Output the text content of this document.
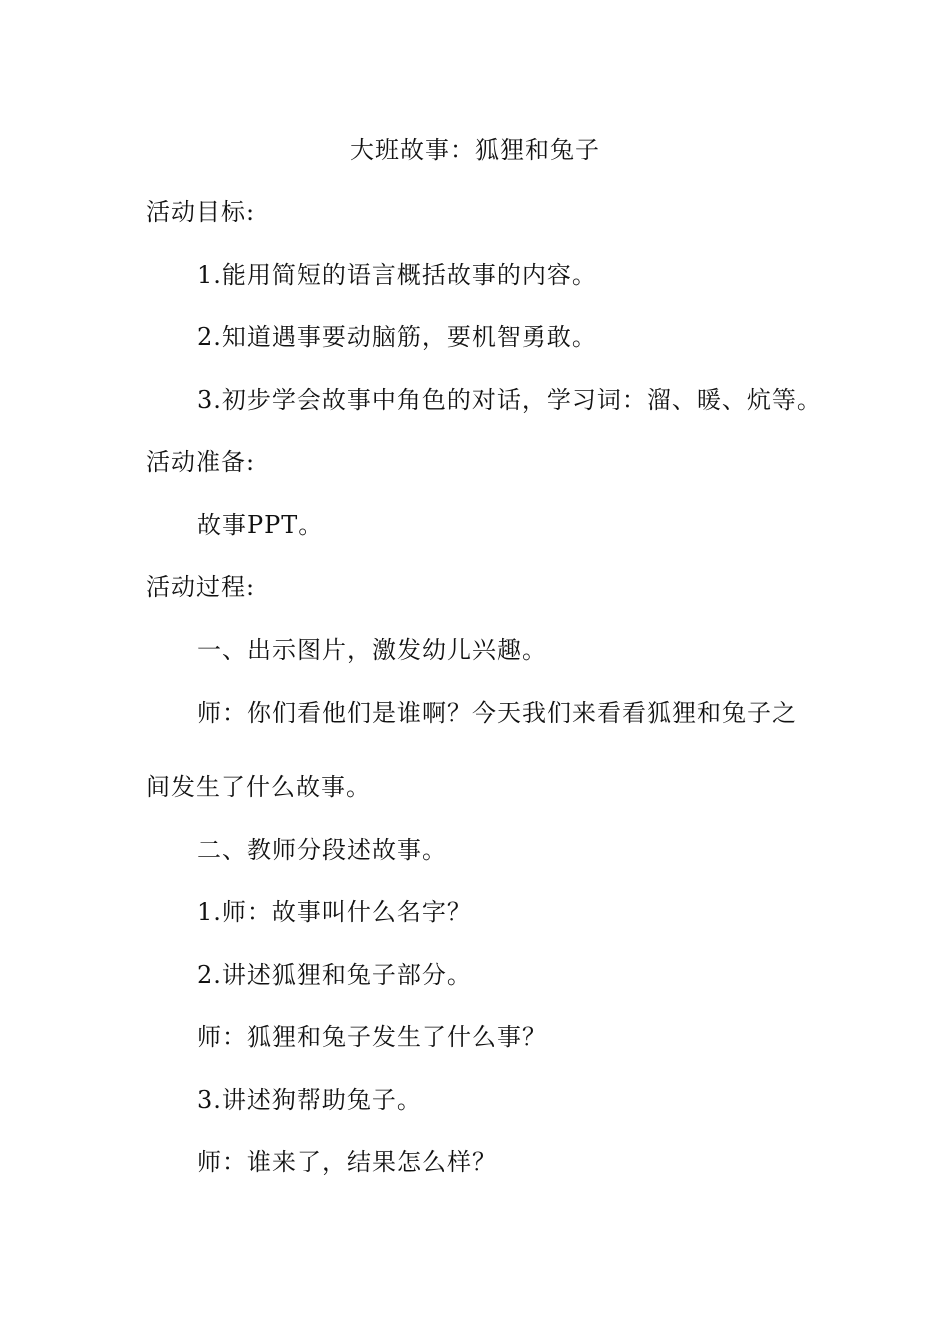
大班故事：狐狸和兔子
活动目标:
1.能用简短的语言概括故事的内容。
2.知道遇事要动脑筋，要机智勇敢。
3.初步学会故事中角色的对话，学习词：溜、暖、炕等。
活动准备:
故事PPT。
活动过程:
一、出示图片，激发幼儿兴趣。
师：你们看他们是谁啊？今天我们来看看狐狸和兔子之
间发生了什么故事。
二、教师分段述故事。
1.师：故事叫什么名字？
2.讲述狐狸和兔子部分。
师：狐狸和兔子发生了什么事？
3.讲述狗帮助兔子。
师：谁来了，结果怎么样？
